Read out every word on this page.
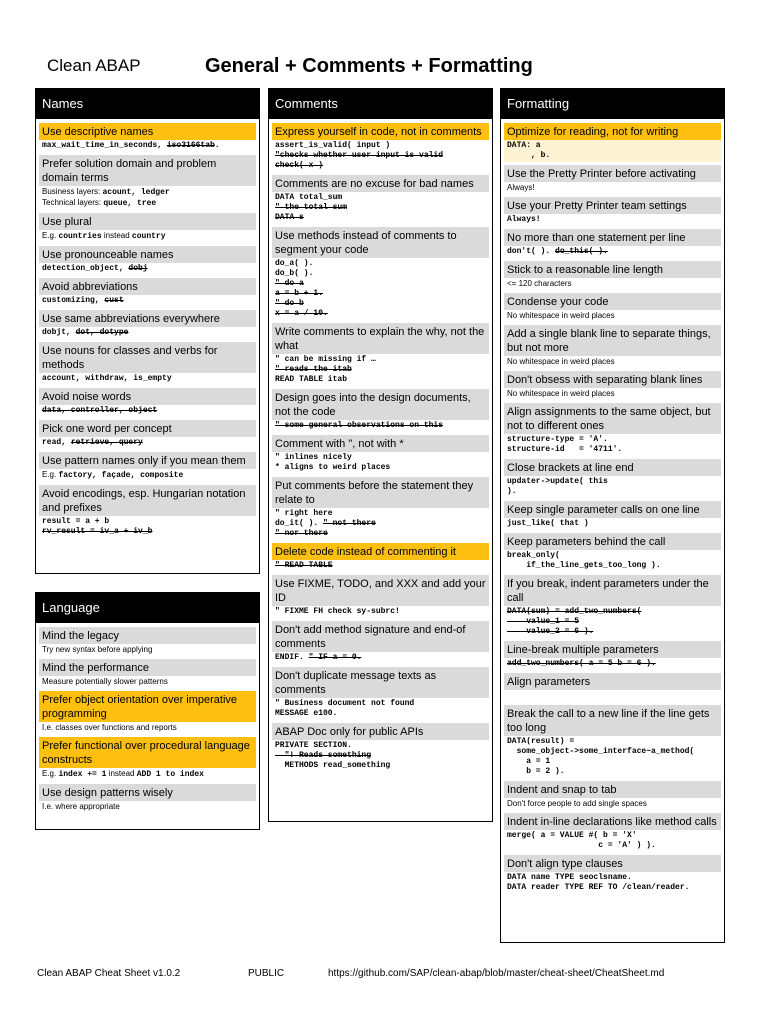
Clean ABAP	General + Comments + Formatting
Names
Use descriptive names
max_wait_time_in_seconds, iso3166tab.
Prefer solution domain and problem domain terms
Business layers: acount, ledger
Technical layers: queue, tree
Use plural
E.g. countries instead country
Use pronounceable names
detection_object, dobj
Avoid abbreviations
customizing, cust
Use same abbreviations everywhere
dobjt, dot, dotype
Use nouns for classes and verbs for methods
account, withdraw, is_empty
Avoid noise words
data, controller, object
Pick one word per concept
read, retrieve, query
Use pattern names only if you mean them
E.g. factory, façade, composite
Avoid encodings, esp. Hungarian notation and prefixes
result = a + b
rv_result = iv_a + iv_b
Language
Mind the legacy
Try new syntax before applying
Mind the performance
Measure potentially slower patterns
Prefer object orientation over imperative programming
I.e. classes over functions and reports
Prefer functional over procedural language constructs
E.g. index += 1 instead ADD 1 to index
Use design patterns wisely
I.e. where appropriate
Comments
Express yourself in code, not in comments
assert_is_valid( input )
"checks whether user input is valid
check( x )
Comments are no excuse for bad names
DATA total_sum
" the total sum
DATA s
Use methods instead of comments to segment your code
do_a( ).
do_b( ).
" do a
a = b + 1.
" do b
x = a / 10.
Write comments to explain the why, not the what
" can be missing if …
" reads the itab
READ TABLE itab
Design goes into the design documents, not the code
" some general observations on this
Comment with ", not with *
" inlines nicely
* aligns to weird places
Put comments before the statement they relate to
" right here
do_it( ). " not there
" nor there
Delete code instead of commenting it
" READ TABLE
Use FIXME, TODO, and XXX and add your ID
" FIXME FH check sy-subrc!
Don't add method signature and end-of comments
ENDIF. " IF a = 0.
Don't duplicate message texts as comments
" Business document not found
MESSAGE e100.
ABAP Doc only for public APIs
PRIVATE SECTION.
"! Reads something
METHODS read_something
Formatting
Optimize for reading, not for writing
DATA: a
, b.
Use the Pretty Printer before activating
Always!
Use your Pretty Printer team settings
Always!
No more than one statement per line
don't( ). do_this( ).
Stick to a reasonable line length
<= 120 characters
Condense your code
No whitespace in weird places
Add a single blank line to separate things, but not more
No whitespace in weird places
Don't obsess with separating blank lines
No whitespace in weird places
Align assignments to the same object, but not to different ones
structure-type = 'A'.
structure-id   = '4711'.
Close brackets at line end
updater->update( this
).
Keep single parameter calls on one line
just_like( that )
Keep parameters behind the call
break_only(
if_the_line_gets_too_long ).
If you break, indent parameters under the call
DATA(sum) = add_two_numbers(
value_1 = 5
value_2 = 6 ).
Line-break multiple parameters
add_two_numbers( a = 5 b = 6 ).
Align parameters

Break the call to a new line if the line gets too long
DATA(result) =
some_object->some_interface~a_method(
a = 1
b = 2 ).
Indent and snap to tab
Don't force people to add single spaces
Indent in-line declarations like method calls
merge( a = VALUE #( b = 'X'
c = 'A' ) ).
Don't align type clauses
DATA name TYPE seoclsname.
DATA reader TYPE REF TO /clean/reader.
Clean ABAP Cheat Sheet v1.0.2	PUBLIC	https://github.com/SAP/clean-abap/blob/master/cheat-sheet/CheatSheet.md
